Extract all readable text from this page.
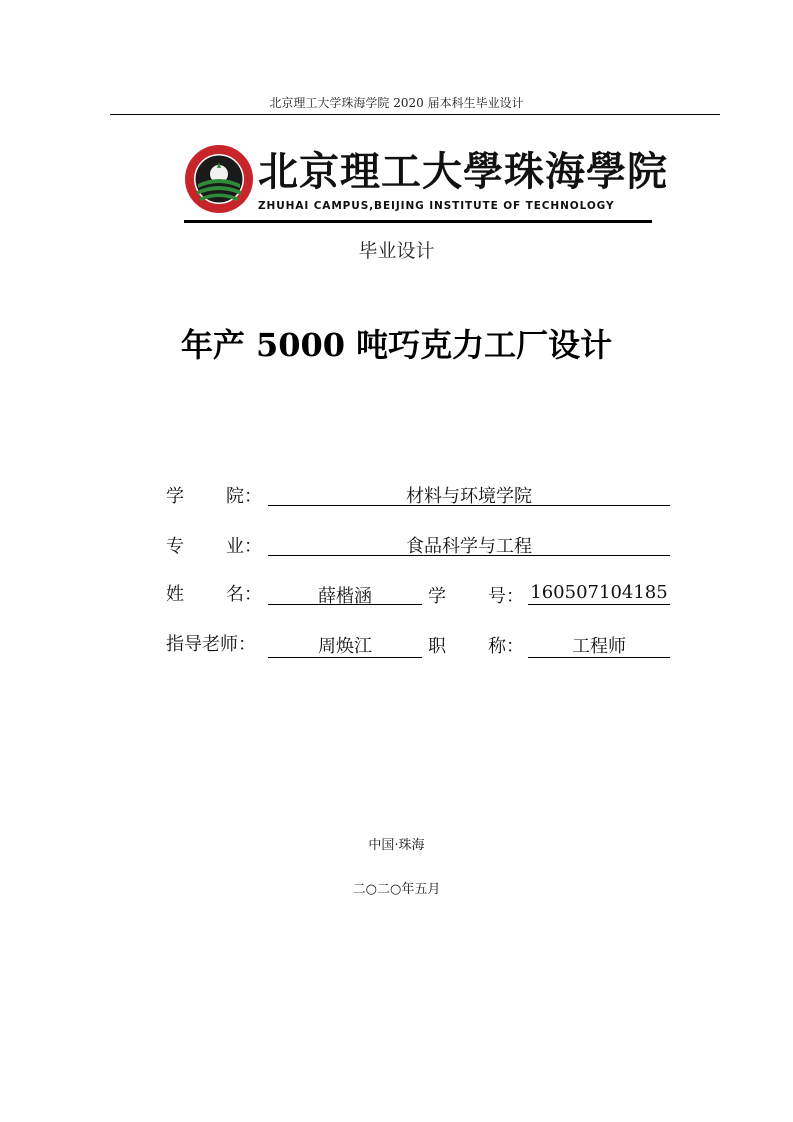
北京理工大学珠海学院 2020 届本科生毕业设计
北京理工大學珠海學院
ZHUHAI CAMPUS,BEIJING INSTITUTE OF TECHNOLOGY
毕业设计
年产 5000 吨巧克力工厂设计
学 院：	材料与环境学院
专 业：	食品科学与工程
姓 名：	薛楷涵	学 号： 160507104185
指导老师：	周焕江	职 称：	工程师
中国·珠海
二○二○年五月
